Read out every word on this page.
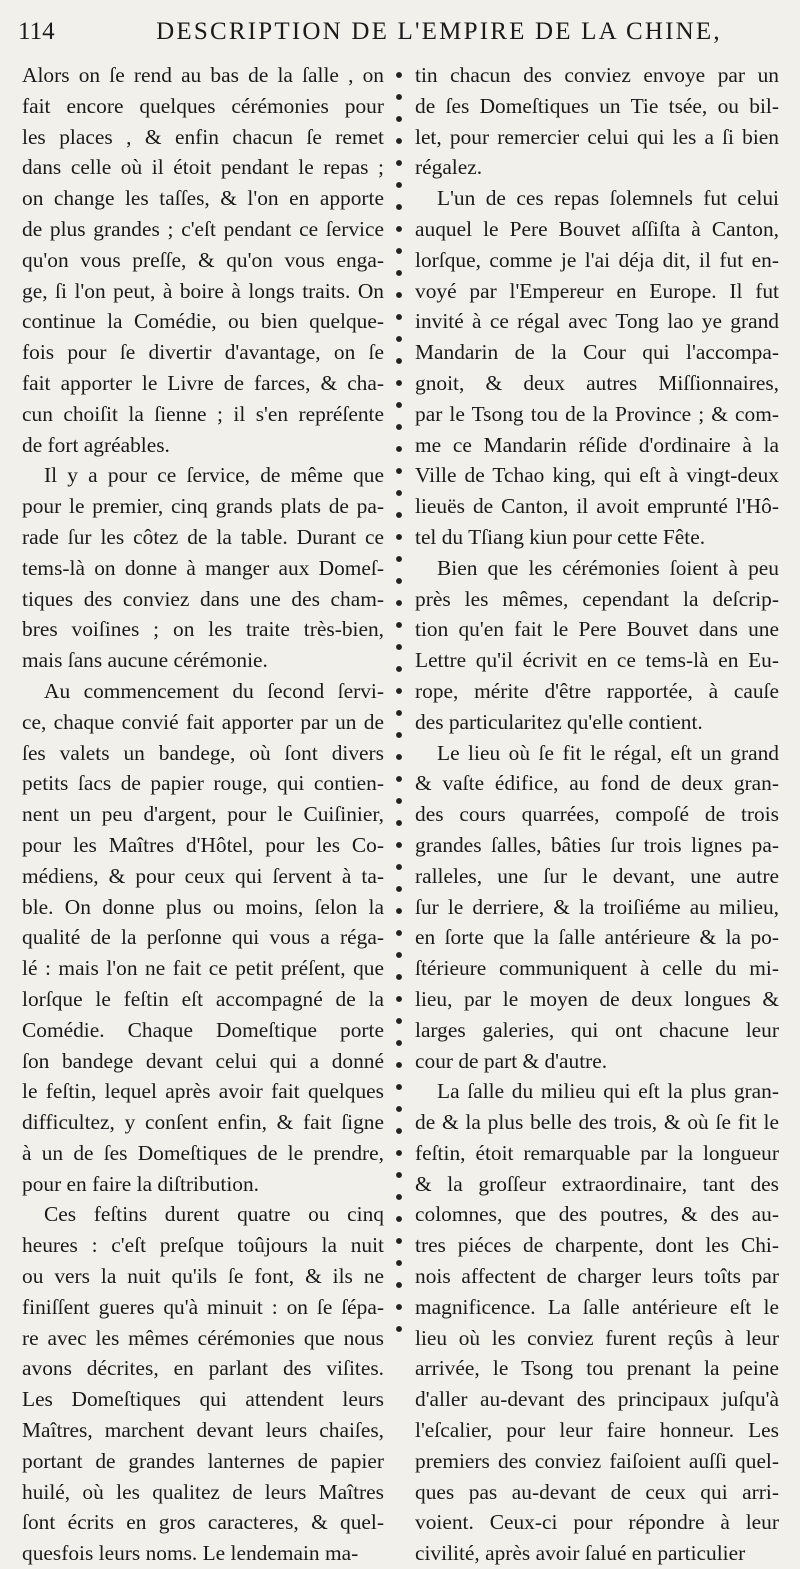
114	DESCRIPTION DE L'EMPIRE DE LA CHINE,
Alors on ſe rend au bas de la ſalle , on
fait encore quelques cérémonies pour
les places , & enfin chacun ſe remet
dans celle où il étoit pendant le repas ;
on change les taſſes, & l'on en apporte
de plus grandes ; c'eſt pendant ce ſervice
qu'on vous preſſe, & qu'on vous enga-
ge, ſi l'on peut, à boire à longs traits. On
continue la Comédie, ou bien quelque-
fois pour ſe divertir d'avantage, on ſe
fait apporter le Livre de farces, & cha-
cun choiſit la ſienne ; il s'en repréſente
de fort agréables.
Il y a pour ce ſervice, de même que
pour le premier, cinq grands plats de pa-
rade ſur les côtez de la table. Durant ce
tems-là on donne à manger aux Domeſ-
tiques des conviez dans une des cham-
bres voiſines ; on les traite très-bien,
mais ſans aucune cérémonie.
Au commencement du ſecond ſervi-
ce, chaque convié fait apporter par un de
ſes valets un bandege, où ſont divers
petits ſacs de papier rouge, qui contien-
nent un peu d'argent, pour le Cuiſinier,
pour les Maîtres d'Hôtel, pour les Co-
médiens, & pour ceux qui ſervent à ta-
ble. On donne plus ou moins, ſelon la
qualité de la perſonne qui vous a réga-
lé : mais l'on ne fait ce petit préſent, que
lorſque le feſtin eſt accompagné de la
Comédie. Chaque Domeſtique porte
ſon bandege devant celui qui a donné
le feſtin, lequel après avoir fait quelques
difficultez, y conſent enfin, & fait ſigne
à un de ſes Domeſtiques de le prendre,
pour en faire la diſtribution.
Ces feſtins durent quatre ou cinq
heures : c'eſt preſque toûjours la nuit
ou vers la nuit qu'ils ſe font, & ils ne
finiſſent gueres qu'à minuit : on ſe ſépa-
re avec les mêmes cérémonies que nous
avons décrites, en parlant des viſites.
Les Domeſtiques qui attendent leurs
Maîtres, marchent devant leurs chaiſes,
portant de grandes lanternes de papier
huilé, où les qualitez de leurs Maîtres
ſont écrits en gros caracteres, & quel-
quesfois leurs noms. Le lendemain ma-
tin chacun des conviez envoye par un
de ſes Domeſtiques un Tie tsée, ou bil-
let, pour remercier celui qui les a ſi bien
régalez.
L'un de ces repas ſolemnels fut celui
auquel le Pere Bouvet aſſiſta à Canton,
lorſque, comme je l'ai déja dit, il fut en-
voyé par l'Empereur en Europe. Il fut
invité à ce régal avec Tong lao ye grand
Mandarin de la Cour qui l'accompa-
gnoit, & deux autres Miſſionnaires,
par le Tsong tou de la Province ; & com-
me ce Mandarin réſide d'ordinaire à la
Ville de Tchao king, qui eſt à vingt-deux
lieuës de Canton, il avoit emprunté l'Hô-
tel du Tſiang kiun pour cette Fête.
Bien que les cérémonies ſoient à peu
près les mêmes, cependant la deſcrip-
tion qu'en fait le Pere Bouvet dans une
Lettre qu'il écrivit en ce tems-là en Eu-
rope, mérite d'être rapportée, à cauſe
des particularitez qu'elle contient.
Le lieu où ſe fit le régal, eſt un grand
& vaſte édifice, au fond de deux gran-
des cours quarrées, compoſé de trois
grandes ſalles, bâties ſur trois lignes pa-
ralleles, une ſur le devant, une autre
ſur le derriere, & la troiſiéme au milieu,
en ſorte que la ſalle antérieure & la po-
ſtérieure communiquent à celle du mi-
lieu, par le moyen de deux longues &
larges galeries, qui ont chacune leur
cour de part & d'autre.
La ſalle du milieu qui eſt la plus gran-
de & la plus belle des trois, & où ſe fit le
feſtin, étoit remarquable par la longueur
& la groſſeur extraordinaire, tant des
colomnes, que des poutres, & des au-
tres piéces de charpente, dont les Chi-
nois affectent de charger leurs toîts par
magnificence. La ſalle antérieure eſt le
lieu où les conviez furent reçûs à leur
arrivée, le Tsong tou prenant la peine
d'aller au-devant des principaux juſqu'à
l'eſcalier, pour leur faire honneur. Les
premiers des conviez faiſoient auſſi quel-
ques pas au-devant de ceux qui arri-
voient. Ceux-ci pour répondre à leur
civilité, après avoir ſalué en particulier
